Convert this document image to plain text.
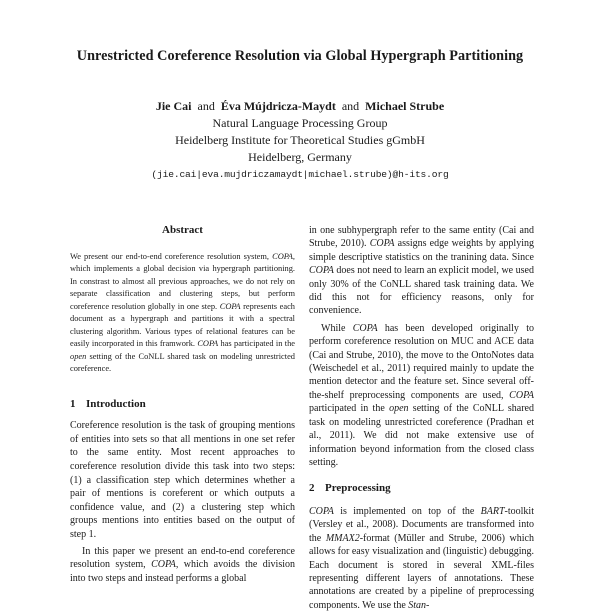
Unrestricted Coreference Resolution via Global Hypergraph Partitioning
Jie Cai and Éva Mújdricza-Maydt and Michael Strube
Natural Language Processing Group
Heidelberg Institute for Theoretical Studies gGmbH
Heidelberg, Germany
(jie.cai|eva.mujdriczamaydt|michael.strube)@h-its.org
Abstract

We present our end-to-end coreference resolution system, COPA, which implements a global decision via hypergraph partitioning. In constrast to almost all previous approaches, we do not rely on separate classification and clustering steps, but perform coreference resolution globally in one step. COPA represents each document as a hypergraph and partitions it with a spectral clustering algorithm. Various types of relational features can be easily incorporated in this framwork. COPA has participated in the open setting of the CoNLL shared task on modeling unrestricted coreference.

1 Introduction

Coreference resolution is the task of grouping mentions of entities into sets so that all mentions in one set refer to the same entity. Most recent approaches to coreference resolution divide this task into two steps: (1) a classification step which determines whether a pair of mentions is coreferent or which outputs a confidence value, and (2) a clustering step which groups mentions into entities based on the output of step 1.

In this paper we present an end-to-end coreference resolution system, COPA, which avoids the division into two steps and instead performs a global

in one subhypergraph refer to the same entity (Cai and Strube, 2010). COPA assigns edge weights by applying simple descriptive statistics on the tranining data. Since COPA does not need to learn an explicit model, we used only 30% of the CoNLL shared task training data. We did this not for efficiency reasons, only for convenience.

While COPA has been developed originally to perform coreference resolution on MUC and ACE data (Cai and Strube, 2010), the move to the OntoNotes data (Weischedel et al., 2011) required mainly to update the mention detector and the feature set. Since several off-the-shelf preprocessing components are used, COPA participated in the open setting of the CoNLL shared task on modeling unrestricted coreference (Pradhan et al., 2011). We did not make extensive use of information beyond information from the closed class setting.

2 Preprocessing

COPA is implemented on top of the BART-toolkit (Versley et al., 2008). Documents are transformed into the MMAX2-format (Müller and Strube, 2006) which allows for easy visualization and (linguistic) debugging. Each document is stored in several XML-files representing different layers of annotations. These annotations are created by a pipeline of preprocessing components. We use the Stan-
